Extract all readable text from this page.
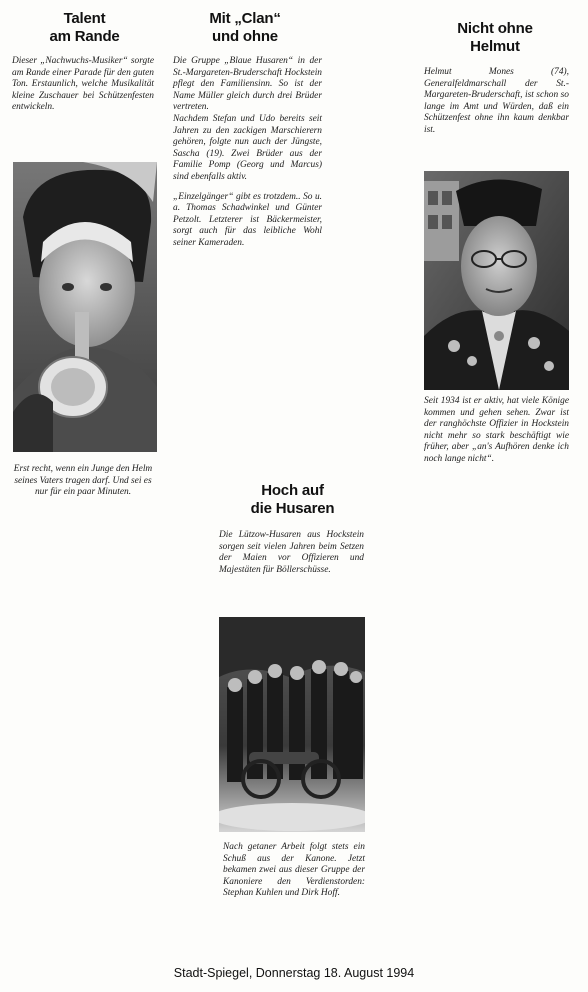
Talent
am Rande

Dieser „Nachwuchs-Musiker“ sorgte am Rande einer Parade für den guten Ton. Erstaunlich, welche Musikalität kleine Zuschauer bei Schützenfesten entwickeln.

Erst recht, wenn ein Junge den Helm seines Vaters tragen darf. Und sei es nur für ein paar Minuten.

Mit „Clan“
und ohne

Die Gruppe „Blaue Husaren“ in der St.-Margareten-Bruderschaft Hockstein pflegt den Familiensinn. So ist der Name Müller gleich durch drei Brüder vertreten.

Nachdem Stefan und Udo bereits seit Jahren zu den zackigen Marschierern gehören, folgte nun auch der Jüngste, Sascha (19). Zwei Brüder aus der Familie Pomp (Georg und Marcus) sind ebenfalls aktiv.

„Einzelgänger“ gibt es trotzdem.. So u. a. Thomas Schadwinkel und Günter Petzolt. Letzterer ist Bäckermeister, sorgt auch für das leibliche Wohl seiner Kameraden.

Nicht ohne
Helmut

Helmut Mones (74), Generalfeldmarschall der St.-Margareten-Bruderschaft, ist schon so lange im Amt und Würden, daß ein Schützenfest ohne ihn kaum denkbar ist.

Seit 1934 ist er aktiv, hat viele Könige kommen und gehen sehen. Zwar ist der ranghöchste Offizier in Hockstein nicht mehr so stark beschäftigt wie früher, aber „an's Aufhören denke ich noch lange nicht“.

Hoch auf
die Husaren

Die Lützow-Husaren aus Hockstein sorgen seit vielen Jahren beim Setzen der Maien vor Offizieren und Majestäten für Böllerschüsse.

Nach getaner Arbeit folgt stets ein Schuß aus der Kanone. Jetzt bekamen zwei aus dieser Gruppe der Kanoniere den Verdienstorden: Stephan Kuhlen und Dirk Hoff.

Stadt-Spiegel, Donnerstag 18. August 1994
